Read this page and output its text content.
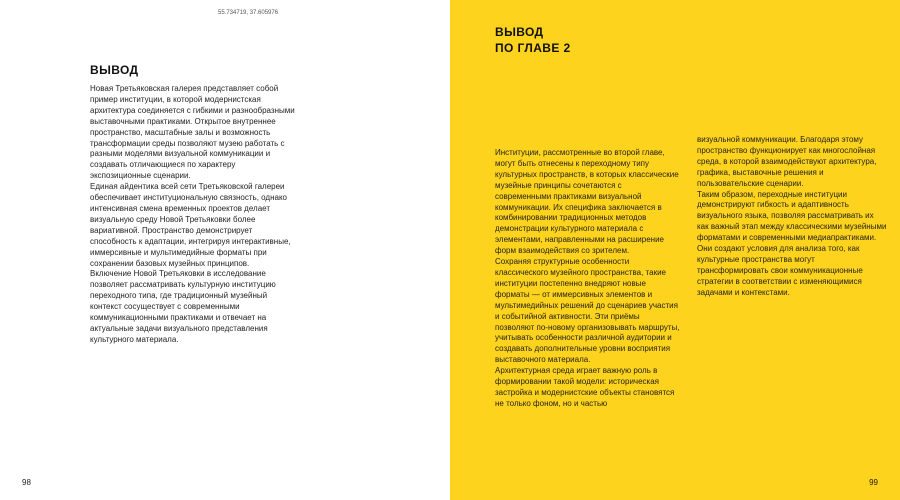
55.734719, 37.605976
ВЫВОД

Новая Третьяковская галерея представляет собой пример институции, в которой модернистская архитектура соединяется с гибкими и разнообразными выставочными практиками. Открытое внутреннее пространство, масштабные залы и возможность трансформации среды позволяют музею работать с разными моделями визуальной коммуникации и создавать отличающиеся по характеру экспозиционные сценарии.

Единая айдентика всей сети Третьяковской галереи обеспечивает институциональную связность, однако интенсивная смена временных проектов делает визуальную среду Новой Третьяковки более вариативной. Пространство демонстрирует способность к адаптации, интегрируя интерактивные, иммерсивные и мультимедийные форматы при сохранении базовых музейных принципов.

Включение Новой Третьяковки в исследование позволяет рассматривать культурную институцию переходного типа, где традиционный музейный контекст сосуществует с современными коммуникационными практиками и отвечает на актуальные задачи визуального представления культурного материала.

98
ВЫВОД
ПО ГЛАВЕ 2

Институции, рассмотренные во второй главе, могут быть отнесены к переходному типу культурных пространств, в которых классические музейные принципы сочетаются с современными практиками визуальной коммуникации. Их специфика заключается в комбинировании традиционных методов демонстрации культурного материала с элементами, направленными на расширение форм взаимодействия со зрителем.

Сохраняя структурные особенности классического музейного пространства, такие институции постепенно внедряют новые форматы — от иммерсивных элементов и мультимедийных решений до сценариев участия и событийной активности. Эти приёмы позволяют по-новому организовывать маршруты, учитывать особенности различной аудитории и создавать дополнительные уровни восприятия выставочного материала.

Архитектурная среда играет важную роль в формировании такой модели: историческая застройка и модернистские объекты становятся не только фоном, но и частью

визуальной коммуникации. Благодаря этому пространство функционирует как многослойная среда, в которой взаимодействуют архитектура, графика, выставочные решения и пользовательские сценарии.

Таким образом, переходные институции демонстрируют гибкость и адаптивность визуального языка, позволяя рассматривать их как важный этап между классическими музейными форматами и современными медиапрактиками. Они создают условия для анализа того, как культурные пространства могут трансформировать свои коммуникационные стратегии в соответствии с изменяющимися задачами и контекстами.

99
